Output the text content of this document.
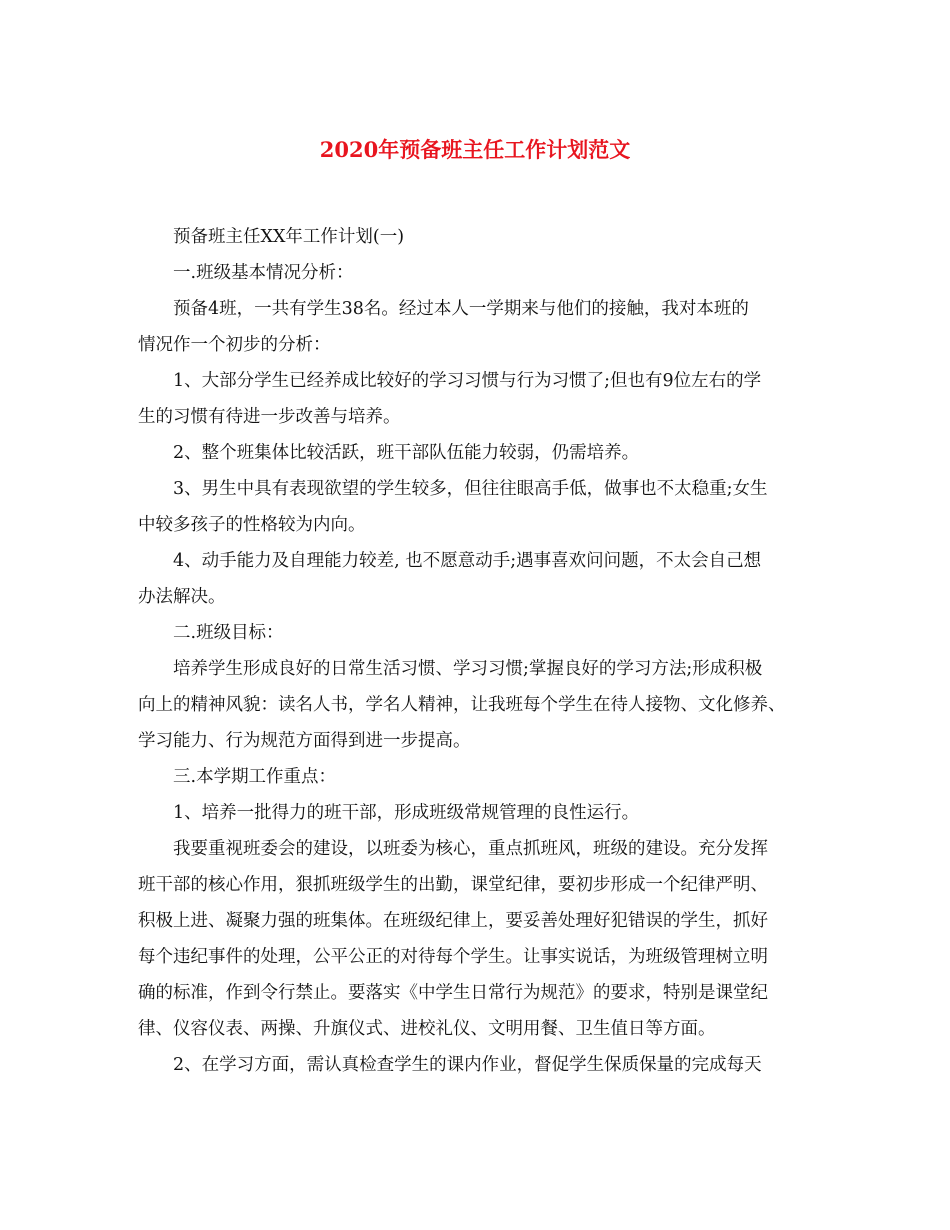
2020年预备班主任工作计划范文
预备班主任XX年工作计划(一)
一.班级基本情况分析：
预备4班，一共有学生38名。经过本人一学期来与他们的接触，我对本班的
情况作一个初步的分析：
1、大部分学生已经养成比较好的学习习惯与行为习惯了;但也有9位左右的学
生的习惯有待进一步改善与培养。
2、整个班集体比较活跃，班干部队伍能力较弱，仍需培养。
3、男生中具有表现欲望的学生较多，但往往眼高手低，做事也不太稳重;女生
中较多孩子的性格较为内向。
4、动手能力及自理能力较差, 也不愿意动手;遇事喜欢问问题，不太会自己想
办法解决。
二.班级目标：
培养学生形成良好的日常生活习惯、学习习惯;掌握良好的学习方法;形成积极
向上的精神风貌：读名人书，学名人精神，让我班每个学生在待人接物、文化修养、
学习能力、行为规范方面得到进一步提高。
三.本学期工作重点：
1、培养一批得力的班干部，形成班级常规管理的良性运行。
我要重视班委会的建设，以班委为核心，重点抓班风，班级的建设。充分发挥
班干部的核心作用，狠抓班级学生的出勤，课堂纪律，要初步形成一个纪律严明、
积极上进、凝聚力强的班集体。在班级纪律上，要妥善处理好犯错误的学生，抓好
每个违纪事件的处理，公平公正的对待每个学生。让事实说话，为班级管理树立明
确的标准，作到令行禁止。要落实《中学生日常行为规范》的要求，特别是课堂纪
律、仪容仪表、两操、升旗仪式、进校礼仪、文明用餐、卫生值日等方面。
2、在学习方面，需认真检查学生的课内作业，督促学生保质保量的完成每天
